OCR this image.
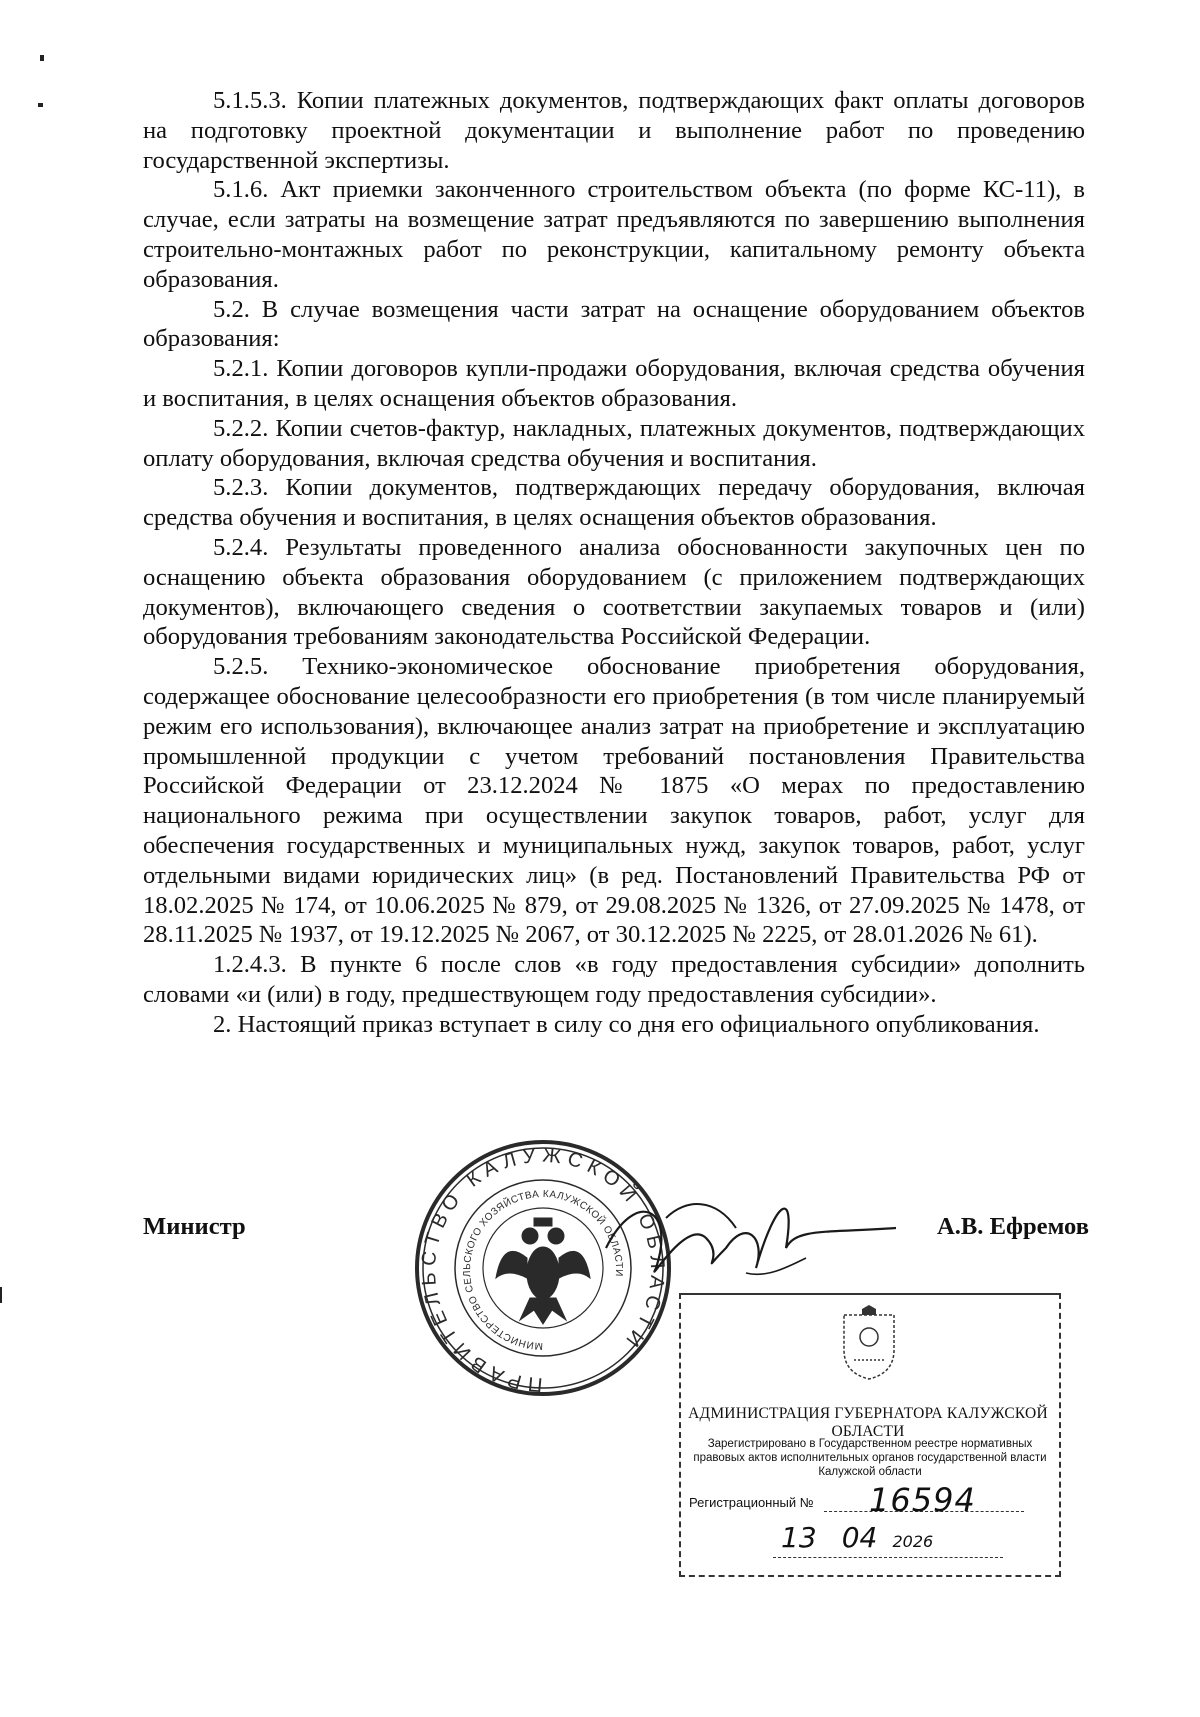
5.1.5.3. Копии платежных документов, подтверждающих факт оплаты договоров на подготовку проектной документации и выполнение работ по проведению государственной экспертизы.

5.1.6. Акт приемки законченного строительством объекта (по форме КС-11), в случае, если затраты на возмещение затрат предъявляются по завершению выполнения строительно-монтажных работ по реконструкции, капитальному ремонту объекта образования.

5.2. В случае возмещения части затрат на оснащение оборудованием объектов образования:

5.2.1. Копии договоров купли-продажи оборудования, включая средства обучения и воспитания, в целях оснащения объектов образования.

5.2.2. Копии счетов-фактур, накладных, платежных документов, подтверждающих оплату оборудования, включая средства обучения и воспитания.

5.2.3. Копии документов, подтверждающих передачу оборудования, включая средства обучения и воспитания, в целях оснащения объектов образования.

5.2.4. Результаты проведенного анализа обоснованности закупочных цен по оснащению объекта образования оборудованием (с приложением подтверждающих документов), включающего сведения о соответствии закупаемых товаров и (или) оборудования требованиям законодательства Российской Федерации.

5.2.5. Технико-экономическое обоснование приобретения оборудования, содержащее обоснование целесообразности его приобретения (в том числе планируемый режим его использования), включающее анализ затрат на приобретение и эксплуатацию промышленной продукции с учетом требований постановления Правительства Российской Федерации от 23.12.2024 № 1875 «О мерах по предоставлению национального режима при осуществлении закупок товаров, работ, услуг для обеспечения государственных и муниципальных нужд, закупок товаров, работ, услуг отдельными видами юридических лиц» (в ред. Постановлений Правительства РФ от 18.02.2025 № 174, от 10.06.2025 № 879, от 29.08.2025 № 1326, от 27.09.2025 № 1478, от 28.11.2025 № 1937, от 19.12.2025 № 2067, от 30.12.2025 № 2225, от 28.01.2026 № 61).

1.2.4.3. В пункте 6 после слов «в году предоставления субсидии» дополнить словами «и (или) в году, предшествующем году предоставления субсидии».

2. Настоящий приказ вступает в силу со дня его официального опубликования.

ПРАВИТЕЛЬСТВО КАЛУЖСКОЙ ОБЛАСТИ
МИНИСТЕРСТВО СЕЛЬСКОГО ХОЗЯЙСТВА КАЛУЖСКОЙ ОБЛАСТИ
Министр	А.В. Ефремов
АДМИНИСТРАЦИЯ ГУБЕРНАТОРА КАЛУЖСКОЙ ОБЛАСТИ
Зарегистрировано в Государственном реестре нормативных
правовых актов исполнительных органов государственной власти
Калужской области
Регистрационный № 16594
13 04 2026
